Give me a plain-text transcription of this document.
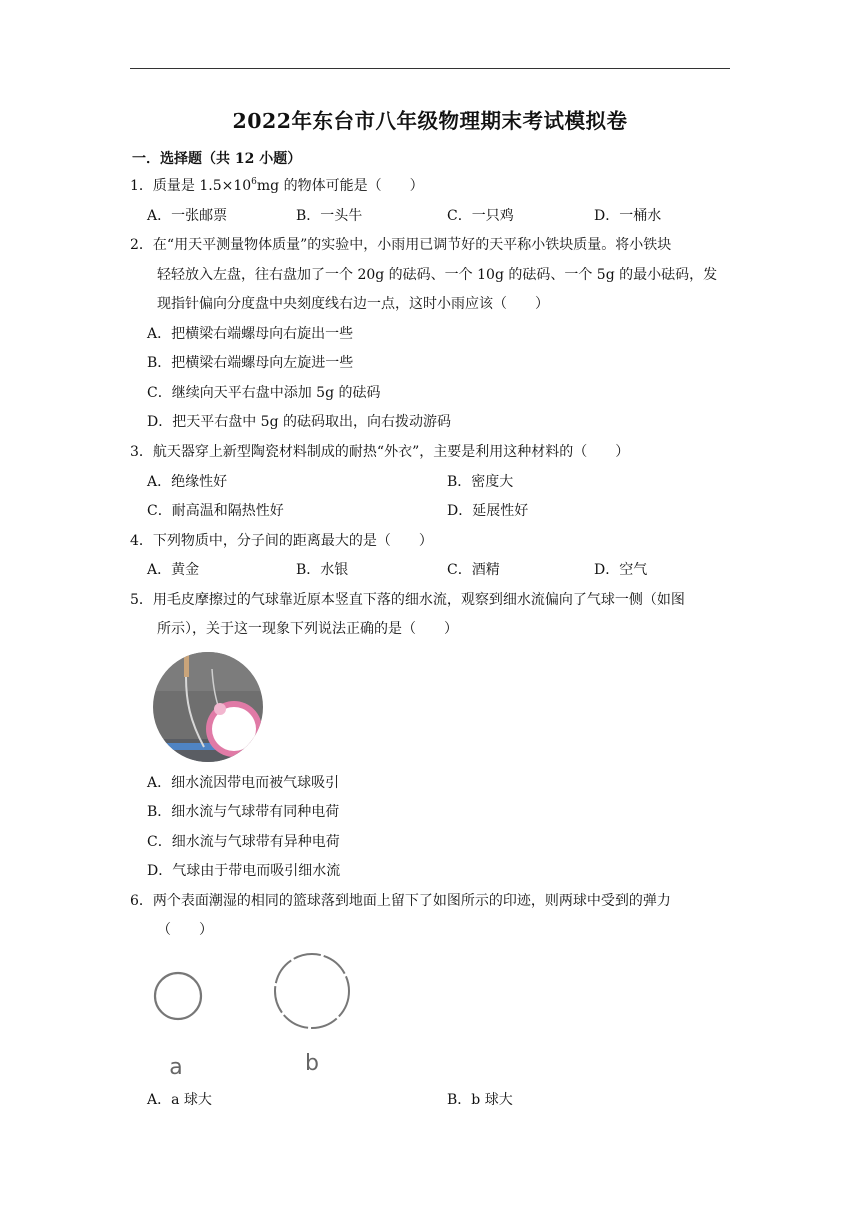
2022年东台市八年级物理期末考试模拟卷
一．选择题（共 12 小题）
1．质量是 $1.5\times 10^6mg$ 的物体可能是（　　）
A．一张邮票	B．一头牛	C．一只鸡	D．一桶水
2．在“用天平测量物体质量”的实验中，小雨用已调节好的天平称小铁块质量。将小铁块
轻轻放入左盘，往右盘加了一个 20g 的砝码、一个 10g 的砝码、一个 5g 的最小砝码，发
现指针偏向分度盘中央刻度线右边一点，这时小雨应该（　　）
A．把横梁右端螺母向右旋出一些
B．把横梁右端螺母向左旋进一些
C．继续向天平右盘中添加 5g 的砝码
D．把天平右盘中 5g 的砝码取出，向右拨动游码
3．航天器穿上新型陶瓷材料制成的耐热“外衣”，主要是利用这种材料的（　　）
A．绝缘性好	B．密度大
C．耐高温和隔热性好	D．延展性好
4．下列物质中，分子间的距离最大的是（　　）
A．黄金	B．水银	C．酒精	D．空气
5．用毛皮摩擦过的气球靠近原本竖直下落的细水流，观察到细水流偏向了气球一侧（如图
所示），关于这一现象下列说法正确的是（　　）
A．细水流因带电而被气球吸引
B．细水流与气球带有同种电荷
C．细水流与气球带有异种电荷
D．气球由于带电而吸引细水流
6．两个表面潮湿的相同的篮球落到地面上留下了如图所示的印迹，则两球中受到的弹力
（　　）
a	b
A．a 球大	B．b 球大
